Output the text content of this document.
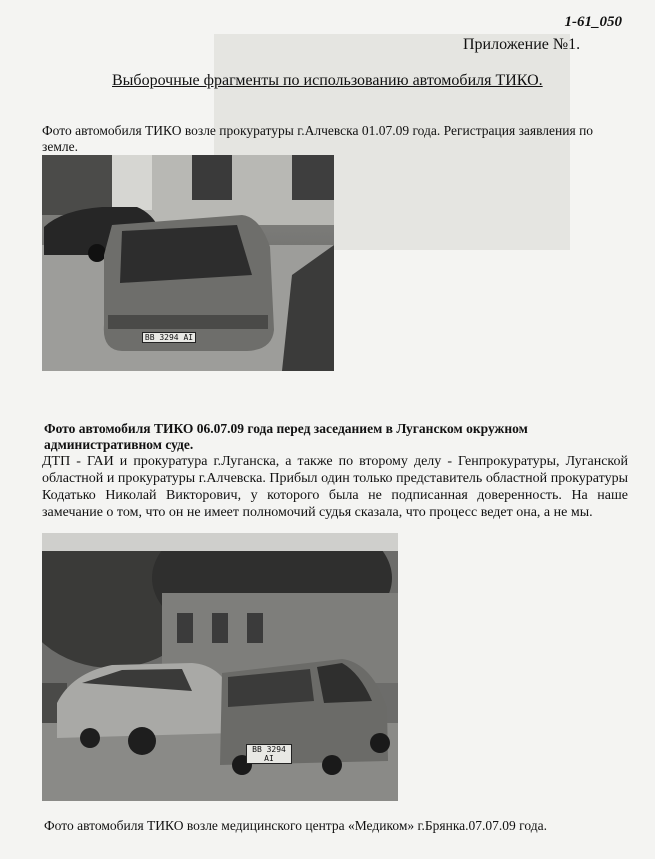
1-61_050
Приложение №1.
Выборочные фрагменты по использованию автомобиля ТИКО.
Фото автомобиля ТИКО возле прокуратуры г.Алчевска 01.07.09 года. Регистрация заявления по земле.
ВВ 3294 АІ
Фото автомобиля ТИКО 06.07.09 года перед заседанием в Луганском окружном административном суде.
ДТП - ГАИ и прокуратура г.Луганска, а также по второму делу - Генпрокуратуры, Луганской областной и прокуратуры г.Алчевска. Прибыл один только представитель областной прокуратуры Кодатько Николай Викторович, у которого была не подписанная доверенность. На наше замечание о том, что он не имеет полномочий судья сказала, что процесс ведет она, а не мы.
ВВ 3294 АІ
Фото автомобиля ТИКО возле медицинского центра «Медиком» г.Брянка.07.07.09 года.
